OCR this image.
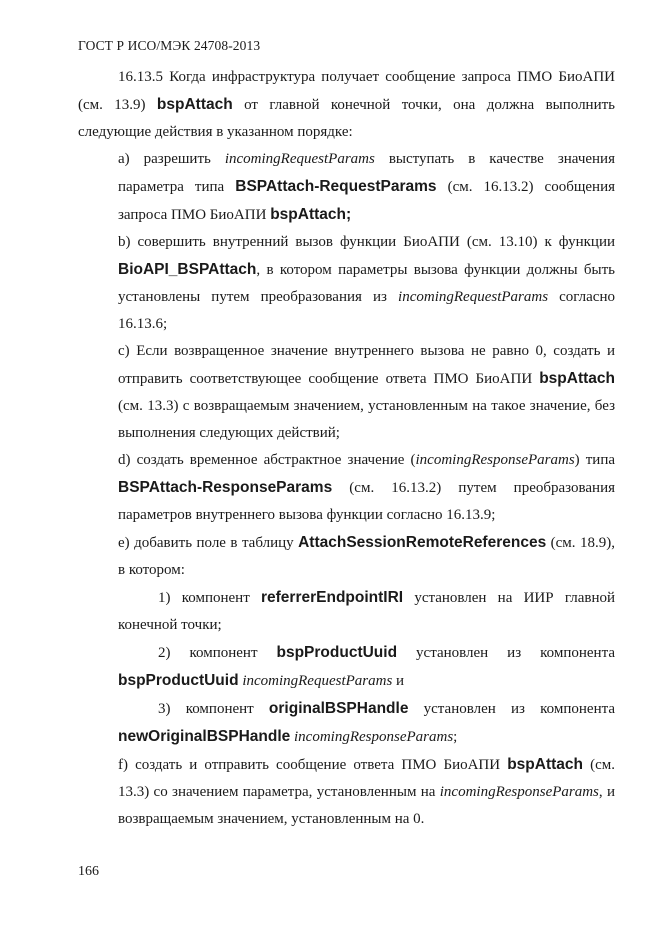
ГОСТ Р ИСО/МЭК 24708-2013

16.13.5 Когда инфраструктура получает сообщение запроса ПМО БиоАПИ (см. 13.9) bspAttach от главной конечной точки, она должна выполнить следующие действия в указанном порядке:

а) разрешить incomingRequestParams выступать в качестве значения параметра типа BSPAttach-RequestParams (см. 16.13.2) сообщения запроса ПМО БиоАПИ bspAttach;

b) совершить внутренний вызов функции БиоАПИ (см. 13.10) к функции BioAPI_BSPAttach, в котором параметры вызова функции должны быть установлены путем преобразования из incomingRequestParams согласно 16.13.6;

c) Если возвращенное значение внутреннего вызова не равно 0, создать и отправить соответствующее сообщение ответа ПМО БиоАПИ bspAttach (см. 13.3) с возвращаемым значением, установленным на такое значение, без выполнения следующих действий;

d) создать временное абстрактное значение (incomingResponseParams) типа BSPAttach-ResponseParams (см. 16.13.2) путем преобразования параметров внутреннего вызова функции согласно 16.13.9;

е) добавить поле в таблицу AttachSessionRemoteReferences (см. 18.9), в котором:

1) компонент referrerEndpointIRI установлен на ИИР главной конечной точки;

2) компонент bspProductUuid установлен из компонента bspProductUuid incomingRequestParams и

3) компонент originalBSPHandle установлен из компонента newOriginalBSPHandle incomingResponseParams;

f) создать и отправить сообщение ответа ПМО БиоАПИ bspAttach (см. 13.3) со значением параметра, установленным на incomingResponseParams, и возвращаемым значением, установленным на 0.

166
